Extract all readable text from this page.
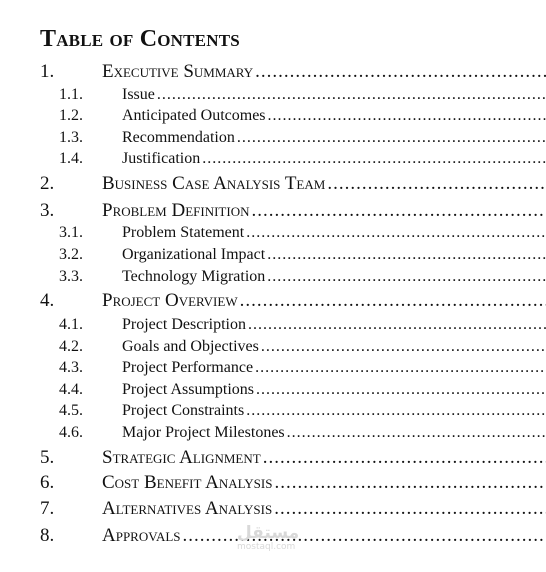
Table of Contents
1.	Executive Summary
.....
1.1. Issue
.....
1.2. Anticipated Outcomes
.....
1.3. Recommendation
.....
1.4. Justification
.....
2.	Business Case Analysis Team
.....
3.	Problem Definition
.....
3.1. Problem Statement
.....
3.2. Organizational Impact
.....
3.3. Technology Migration
.....
4.	Project Overview
.....
4.1. Project Description
.....
4.2. Goals and Objectives
.....
4.3. Project Performance
.....
4.4. Project Assumptions
.....
4.5. Project Constraints
.....
4.6. Major Project Milestones
.....
5.	Strategic Alignment
.....
6.	Cost Benefit Analysis
.....
7.	Alternatives Analysis
.....
8.	Approvals .....	مستقل
mostaql.com
